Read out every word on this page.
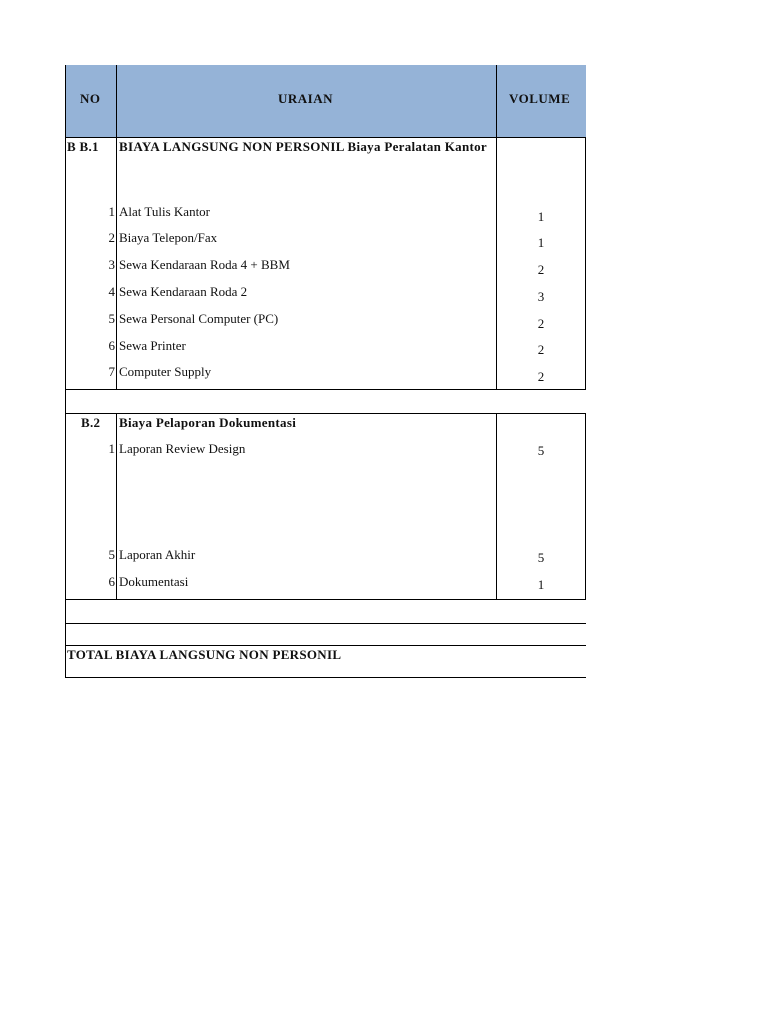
NO	URAIAN	VOLUME
B B.1 BIAYA LANGSUNG NON PERSONIL Biaya Peralatan Kantor
1 Alat Tulis Kantor	1
2 Biaya Telepon/Fax	1
3 Sewa Kendaraan Roda 4 + BBM	2
4 Sewa Kendaraan Roda 2	3
5 Sewa Personal Computer (PC)	2
6 Sewa Printer	2
7 Computer Supply	2
B.2 Biaya Pelaporan Dokumentasi
1 Laporan Review Design	5
5 Laporan Akhir	5
6 Dokumentasi	1
TOTAL BIAYA LANGSUNG NON PERSONIL
